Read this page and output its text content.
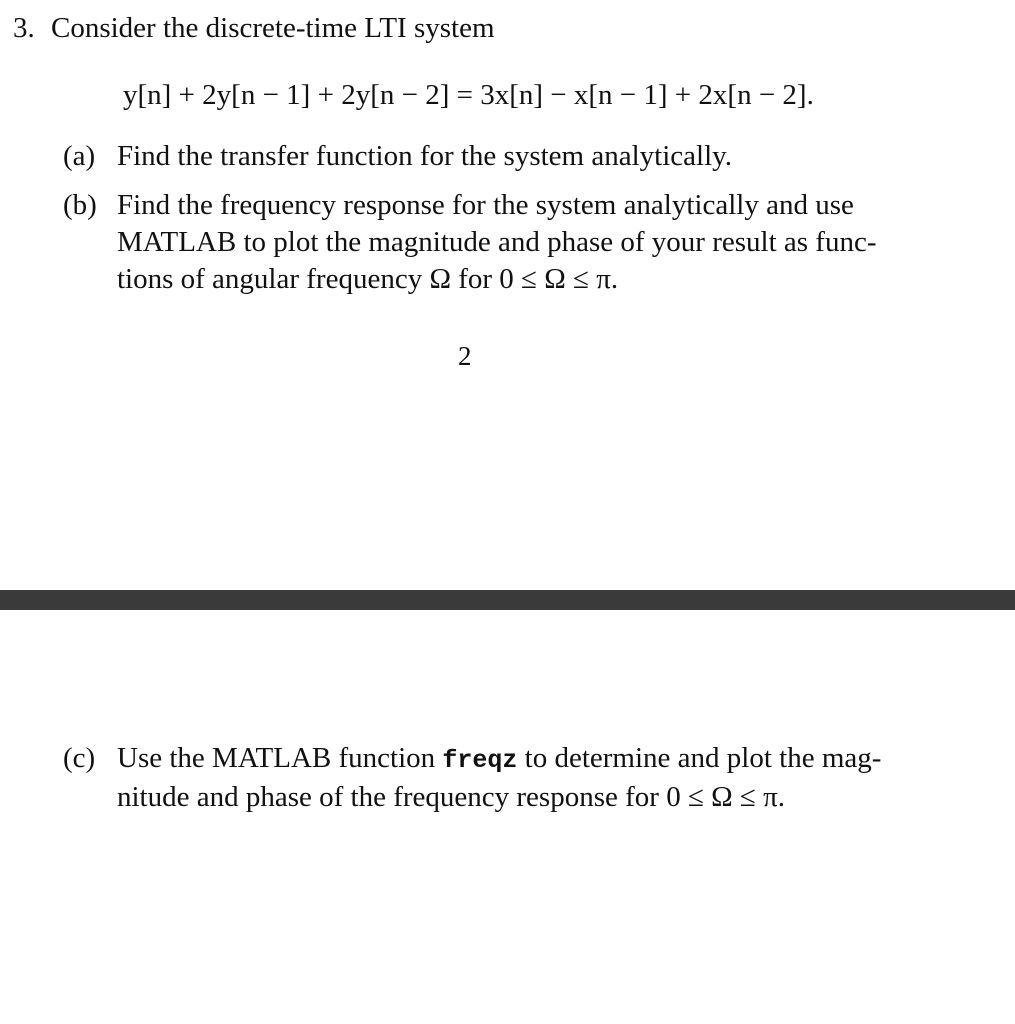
3. Consider the discrete-time LTI system
y[n] + 2y[n − 1] + 2y[n − 2] = 3x[n] − x[n − 1] + 2x[n − 2].
(a) Find the transfer function for the system analytically.
(b) Find the frequency response for the system analytically and use
MATLAB to plot the magnitude and phase of your result as func-
tions of angular frequency Ω for 0 ≤ Ω ≤ π.
2
(c) Use the MATLAB function freqz to determine and plot the mag-
nitude and phase of the frequency response for 0 ≤ Ω ≤ π.
